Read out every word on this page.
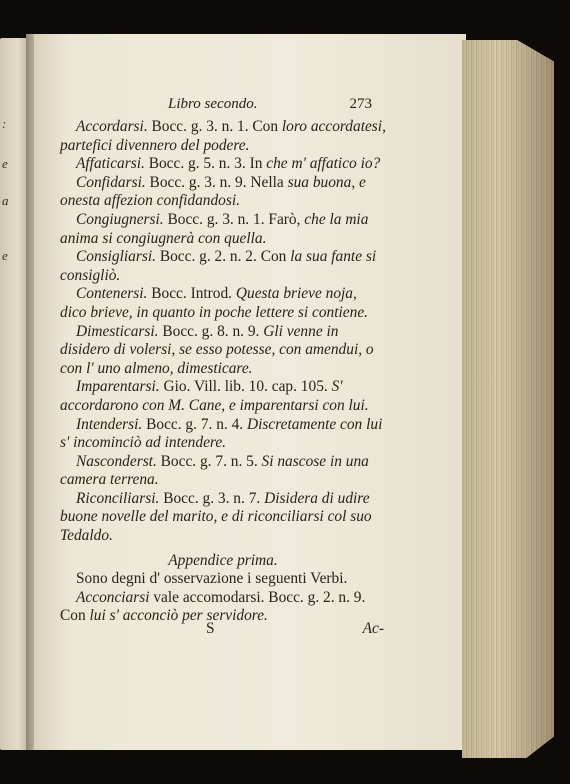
:
e
a
e
Libro secondo.	273

Accordarsi. Bocc. g. 3. n. 1. Con loro accordatesi, partefici divennero del podere.

Affaticarsi. Bocc. g. 5. n. 3. In che m' affatico io?

Confidarsi. Bocc. g. 3. n. 9. Nella sua buona, e onesta affezion confidandosi.

Congiugnersi. Bocc. g. 3. n. 1. Farò, che la mia anima si congiugnerà con quella.

Consigliarsi. Bocc. g. 2. n. 2. Con la sua fante si consigliò.

Contenersi. Bocc. Introd. Questa brieve noja, dico brieve, in quanto in poche lettere si contiene.

Dimesticarsi. Bocc. g. 8. n. 9. Gli venne in disidero di volersi, se esso potesse, con amendui, o con l' uno almeno, dimesticare.

Imparentarsi. Gio. Vill. lib. 10. cap. 105. S' accordarono con M. Cane, e imparentarsi con lui.

Intendersi. Bocc. g. 7. n. 4. Discretamente con lui s' incominciò ad intendere.

Nasconderst. Bocc. g. 7. n. 5. Si nascose in una camera terrena.

Riconciliarsi. Bocc. g. 3. n. 7. Disidera di udire buone novelle del marito, e di riconciliarsi col suo Tedaldo.

Appendice prima.

Sono degni d' osservazione i seguenti Verbi.

Acconciarsi vale accomodarsi. Bocc. g. 2. n. 9. Con lui s' acconciò per servidore.

S	Ac-
